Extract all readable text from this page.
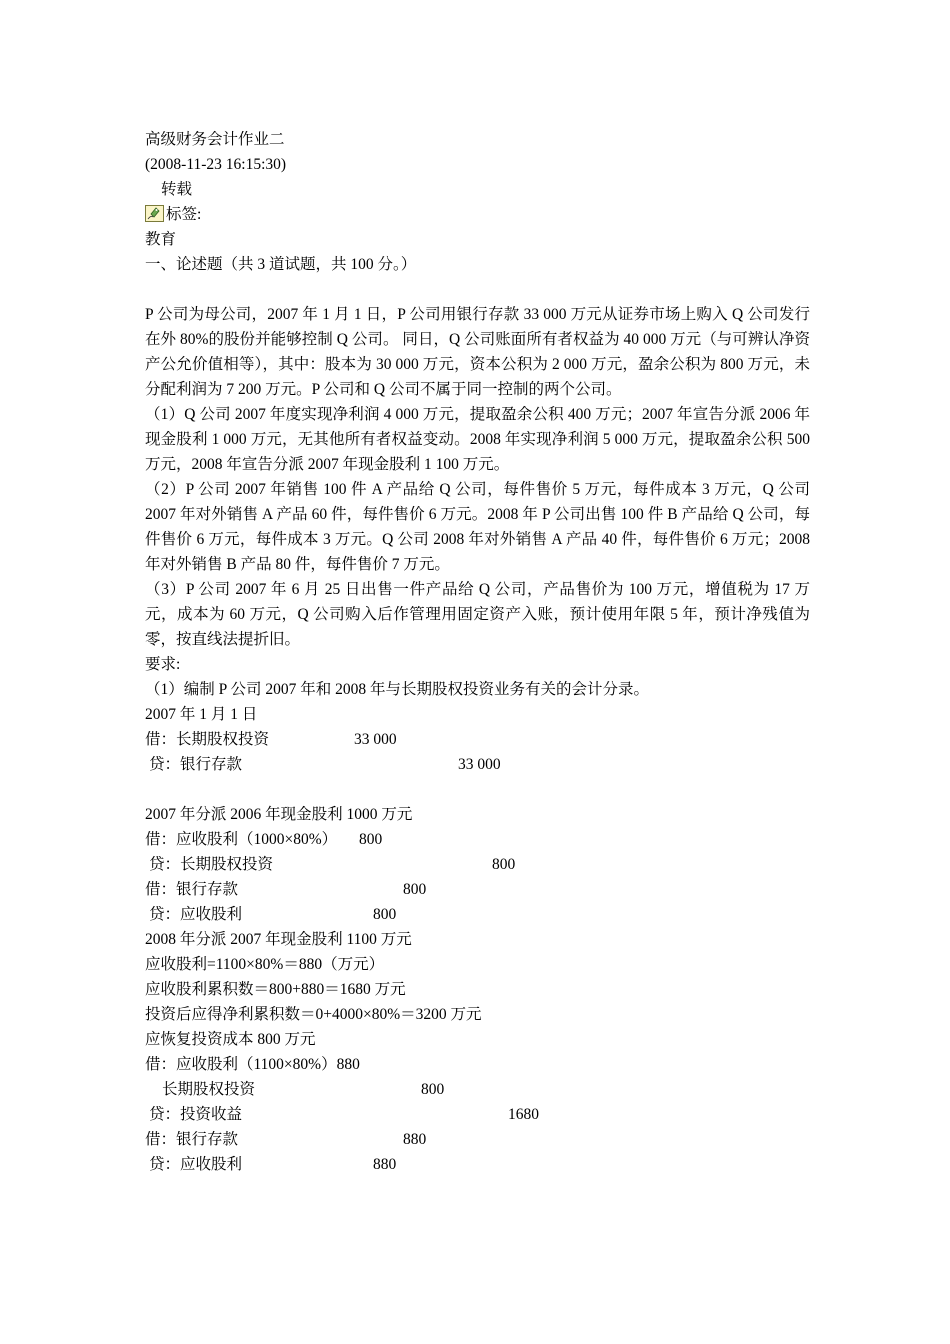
高级财务会计作业二
(2008-11-23 16:15:30)
转载
标签:
教育
一、论述题（共 3 道试题，共 100 分。）
P 公司为母公司，2007 年 1 月 1 日，P 公司用银行存款 33 000 万元从证券市场上购入 Q 公司发行在外 80%的股份并能够控制 Q 公司。 同日，Q 公司账面所有者权益为 40 000 万元（与可辨认净资产公允价值相等），其中：股本为 30 000 万元，资本公积为 2 000 万元，盈余公积为 800 万元，未分配利润为 7 200 万元。P 公司和 Q 公司不属于同一控制的两个公司。
（1）Q 公司 2007 年度实现净利润 4 000 万元，提取盈余公积 400 万元；2007 年宣告分派 2006 年现金股利 1 000 万元，无其他所有者权益变动。2008 年实现净利润 5 000 万元，提取盈余公积 500 万元，2008 年宣告分派 2007 年现金股利 1 100 万元。
（2）P 公司 2007 年销售 100 件 A 产品给 Q 公司，每件售价 5 万元，每件成本 3 万元，Q 公司 2007 年对外销售 A 产品 60 件，每件售价 6 万元。2008 年 P 公司出售 100 件 B 产品给 Q 公司，每件售价 6 万元，每件成本 3 万元。Q 公司 2008 年对外销售 A 产品 40 件，每件售价 6 万元；2008 年对外销售 B 产品 80 件，每件售价 7 万元。
（3）P 公司 2007 年 6 月 25 日出售一件产品给 Q 公司，产品售价为 100 万元，增值税为 17 万元，成本为 60 万元，Q 公司购入后作管理用固定资产入账，预计使用年限 5 年，预计净残值为零，按直线法提折旧。
要求:
（1）编制 P 公司 2007 年和 2008 年与长期股权投资业务有关的会计分录。
2007 年 1 月 1 日
借：长期股权投资	33 000
贷：银行存款	33 000
2007 年分派 2006 年现金股利 1000 万元
借：应收股利（1000×80%） 800
贷：长期股权投资	800
借：银行存款	800
贷：应收股利	800
2008 年分派 2007 年现金股利 1100 万元
应收股利=1100×80%＝880（万元）
应收股利累积数＝800+880＝1680 万元
投资后应得净利累积数＝0+4000×80%＝3200 万元
应恢复投资成本 800 万元
借：应收股利（1100×80%）880
长期股权投资	800
贷：投资收益	1680
借：银行存款	880
贷：应收股利	880
